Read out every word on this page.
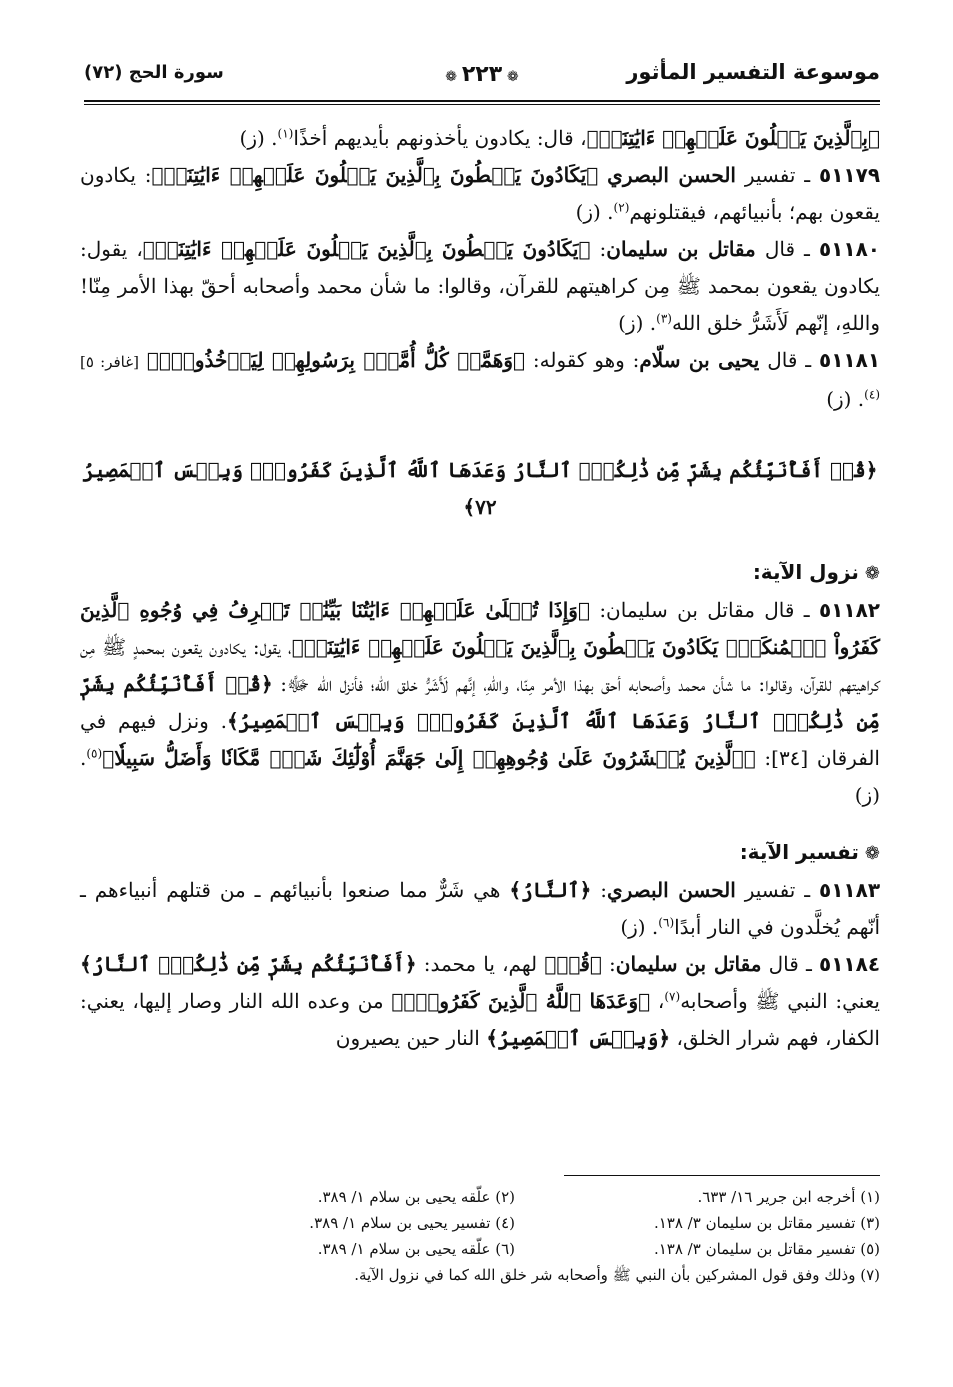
موسوعة التفسير المأثور
❁ ٢٢٣ ❁
سورة الحج (٧٢)

﴿بِٱلَّذِينَ يَتۡلُونَ عَلَيۡهِمۡ ءَايَٰتِنَاۗ﴾، قال: يكادون يأخذونهم بأيديهم أخذًا$^{(١)}$. (ز)

٥١١٧٩ ـ تفسير الحسن البصري ﴿يَكَادُونَ يَسۡطُونَ بِٱلَّذِينَ يَتۡلُونَ عَلَيۡهِمۡ ءَايَٰتِنَاۗ﴾: يكادون يقعون بهم؛ بأنبيائهم، فيقتلونهم$^{(٢)}$. (ز)

٥١١٨٠ ـ قال مقاتل بن سليمان: ﴿يَكَادُونَ يَسۡطُونَ بِٱلَّذِينَ يَتۡلُونَ عَلَيۡهِمۡ ءَايَٰتِنَاۗ﴾، يقول: يكادون يقعون بمحمد ﷺ مِن كراهيتهم للقرآن، وقالوا: ما شأن محمد وأصحابه أحقّ بهذا الأمر مِنّا! واللهِ، إنّهم لَأَشَرُّ خلق الله$^{(٣)}$. (ز)

٥١١٨١ ـ قال يحيى بن سلّام: وهو كقوله: ﴿وَهَمَّتۡ كُلُّ أُمَّةِۭ بِرَسُولِهِمۡ لِيَأۡخُذُوهُۖ﴾ [غافر: ٥]$^{(٤)}$. (ز)

﴿قُلۡ أَفَأُنَبِّئُكُم بِشَرّٖ مِّن ذَٰلِكُمُۗ ٱلنَّارُ وَعَدَهَا ٱللَّهُ ٱلَّذِينَ كَفَرُواْۖ وَبِئۡسَ ٱلۡمَصِيرُ ٧٢﴾

❁نزول الآية:

٥١١٨٢ ـ قال مقاتل بن سليمان: ﴿وَإِذَا تُتۡلَىٰ عَلَيۡهِمۡ ءَايَٰتُنَا بَيِّنَٰتٖ تَعۡرِفُ فِي وُجُوهِ ٱلَّذِينَ كَفَرُواْ ٱلۡمُنكَرَۖ يَكَادُونَ يَسۡطُونَ بِٱلَّذِينَ يَتۡلُونَ عَلَيۡهِمۡ ءَايَٰتِنَاۗ﴾، يقول: يكادون يقعون بمحمدٍ ﷺ مِن كراهيتهم للقرآن، وقالوا: ما شأن محمد وأصحابه أحق بهذا الأمر مِنّا، واللهِ، إنَّهم لَأَشَرُّ خلق الله؛ فأنزل الله ﷻ: ﴿قُلۡ أَفَأُنَبِّئُكُم بِشَرّٖ مِّن ذَٰلِكُمُۗ ٱلنَّارُ وَعَدَهَا ٱللَّهُ ٱلَّذِينَ كَفَرُواْۖ وَبِئۡسَ ٱلۡمَصِيرُ﴾. ونزل فيهم في الفرقان [٣٤]: ﴿ٱلَّذِينَ يُحۡشَرُونَ عَلَىٰ وُجُوهِهِمۡ إِلَىٰ جَهَنَّمَ أُوْلَٰٓئِكَ شَرّٞ مَّكَانٗا وَأَضَلُّ سَبِيلٗا﴾$^{(٥)}$. (ز)

❁تفسير الآية:

٥١١٨٣ ـ تفسير الحسن البصري: ﴿ٱلنَّارُ﴾ هي شَرٌّ مما صنعوا بأنبيائهم ـ من قتلهم أنبياءهم ـ أنّهم يُخلَّدون في النار أبدًا$^{(٦)}$. (ز)

٥١١٨٤ ـ قال مقاتل بن سليمان: ﴿قُلۡ﴾ لهم، يا محمد: ﴿أَفَأُنَبِّئُكُم بِشَرّٖ مِّن ذَٰلِكُمُۗ ٱلنَّارُ﴾ يعني: النبي ﷺ وأصحابه$^{(٧)}$، ﴿وَعَدَهَا ٱللَّهُ ٱلَّذِينَ كَفَرُواْۖ﴾ من وعده الله النار وصار إليها، يعني: الكفار، فهم شرار الخلق، ﴿وَبِئۡسَ ٱلۡمَصِيرُ﴾ النار حين يصيرون

(١) أخرجه ابن جرير ١٦/ ٦٣٣.
(٢) علّقه يحيى بن سلام ١/ ٣٨٩.
(٣) تفسير مقاتل بن سليمان ٣/ ١٣٨.
(٤) تفسير يحيى بن سلام ١/ ٣٨٩.
(٥) تفسير مقاتل بن سليمان ٣/ ١٣٨.
(٦) علّقه يحيى بن سلام ١/ ٣٨٩.
(٧) وذلك وفق قول المشركين بأن النبي ﷺ وأصحابه شر خلق الله كما في نزول الآية.
